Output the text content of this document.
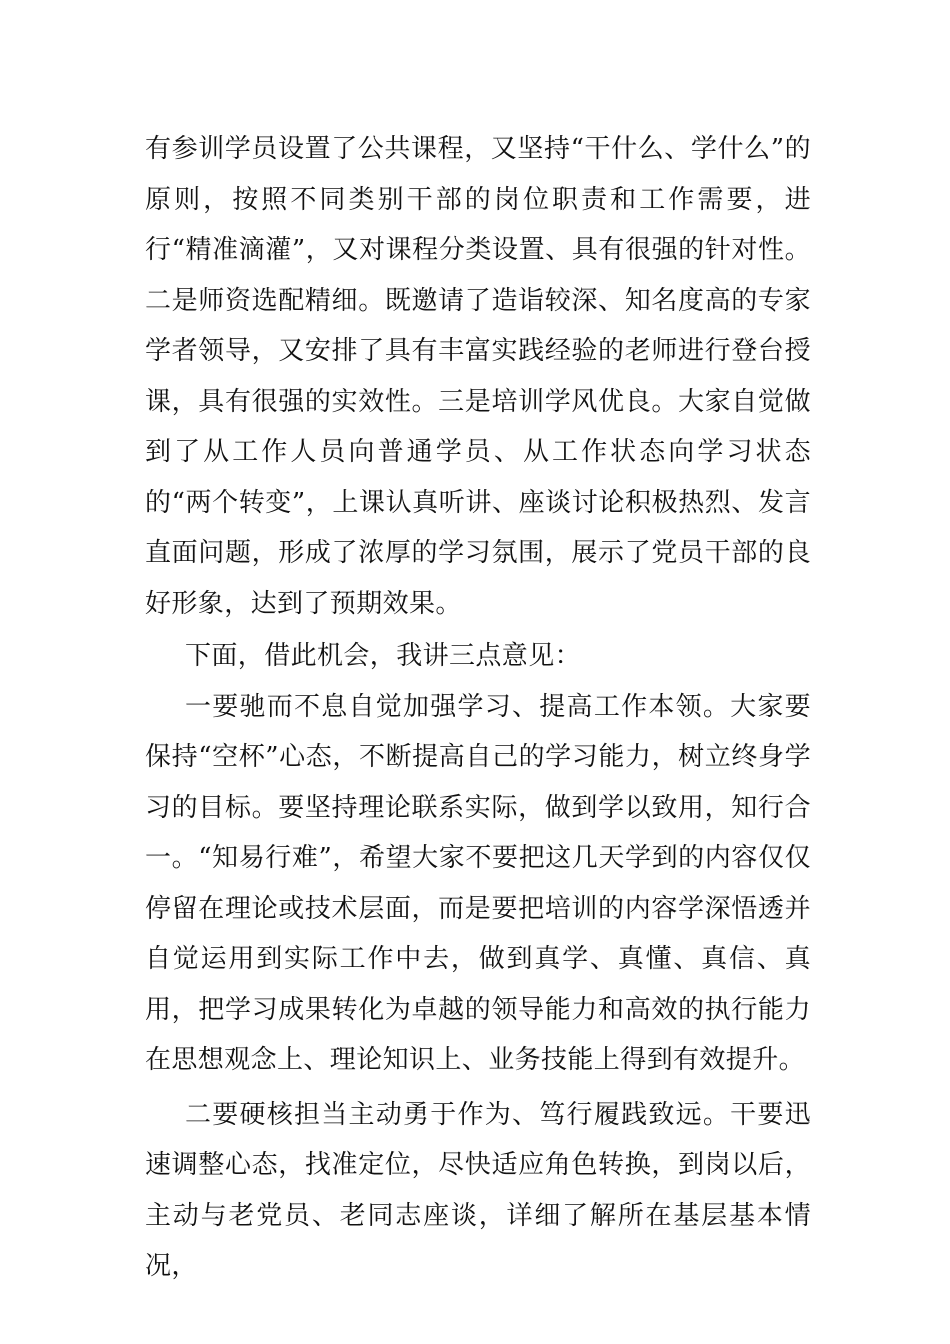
有参训学员设置了公共课程，又坚持“干什么、学什么”的原则，按照不同类别干部的岗位职责和工作需要，进行“精准滴灌”，又对课程分类设置、具有很强的针对性。二是师资选配精细。既邀请了造诣较深、知名度高的专家学者领导，又安排了具有丰富实践经验的老师进行登台授课，具有很强的实效性。三是培训学风优良。大家自觉做到了从工作人员向普通学员、从工作状态向学习状态的“两个转变”，上课认真听讲、座谈讨论积极热烈、发言直面问题，形成了浓厚的学习氛围，展示了党员干部的良好形象，达到了预期效果。

下面，借此机会，我讲三点意见：

一要驰而不息自觉加强学习、提高工作本领。大家要保持“空杯”心态，不断提高自己的学习能力，树立终身学习的目标。要坚持理论联系实际，做到学以致用，知行合一。“知易行难”，希望大家不要把这几天学到的内容仅仅停留在理论或技术层面，而是要把培训的内容学深悟透并自觉运用到实际工作中去，做到真学、真懂、真信、真用，把学习成果转化为卓越的领导能力和高效的执行能力在思想观念上、理论知识上、业务技能上得到有效提升。

二要硬核担当主动勇于作为、笃行履践致远。干要迅速调整心态，找准定位，尽快适应角色转换，到岗以后，主动与老党员、老同志座谈，详细了解所在基层基本情况，
